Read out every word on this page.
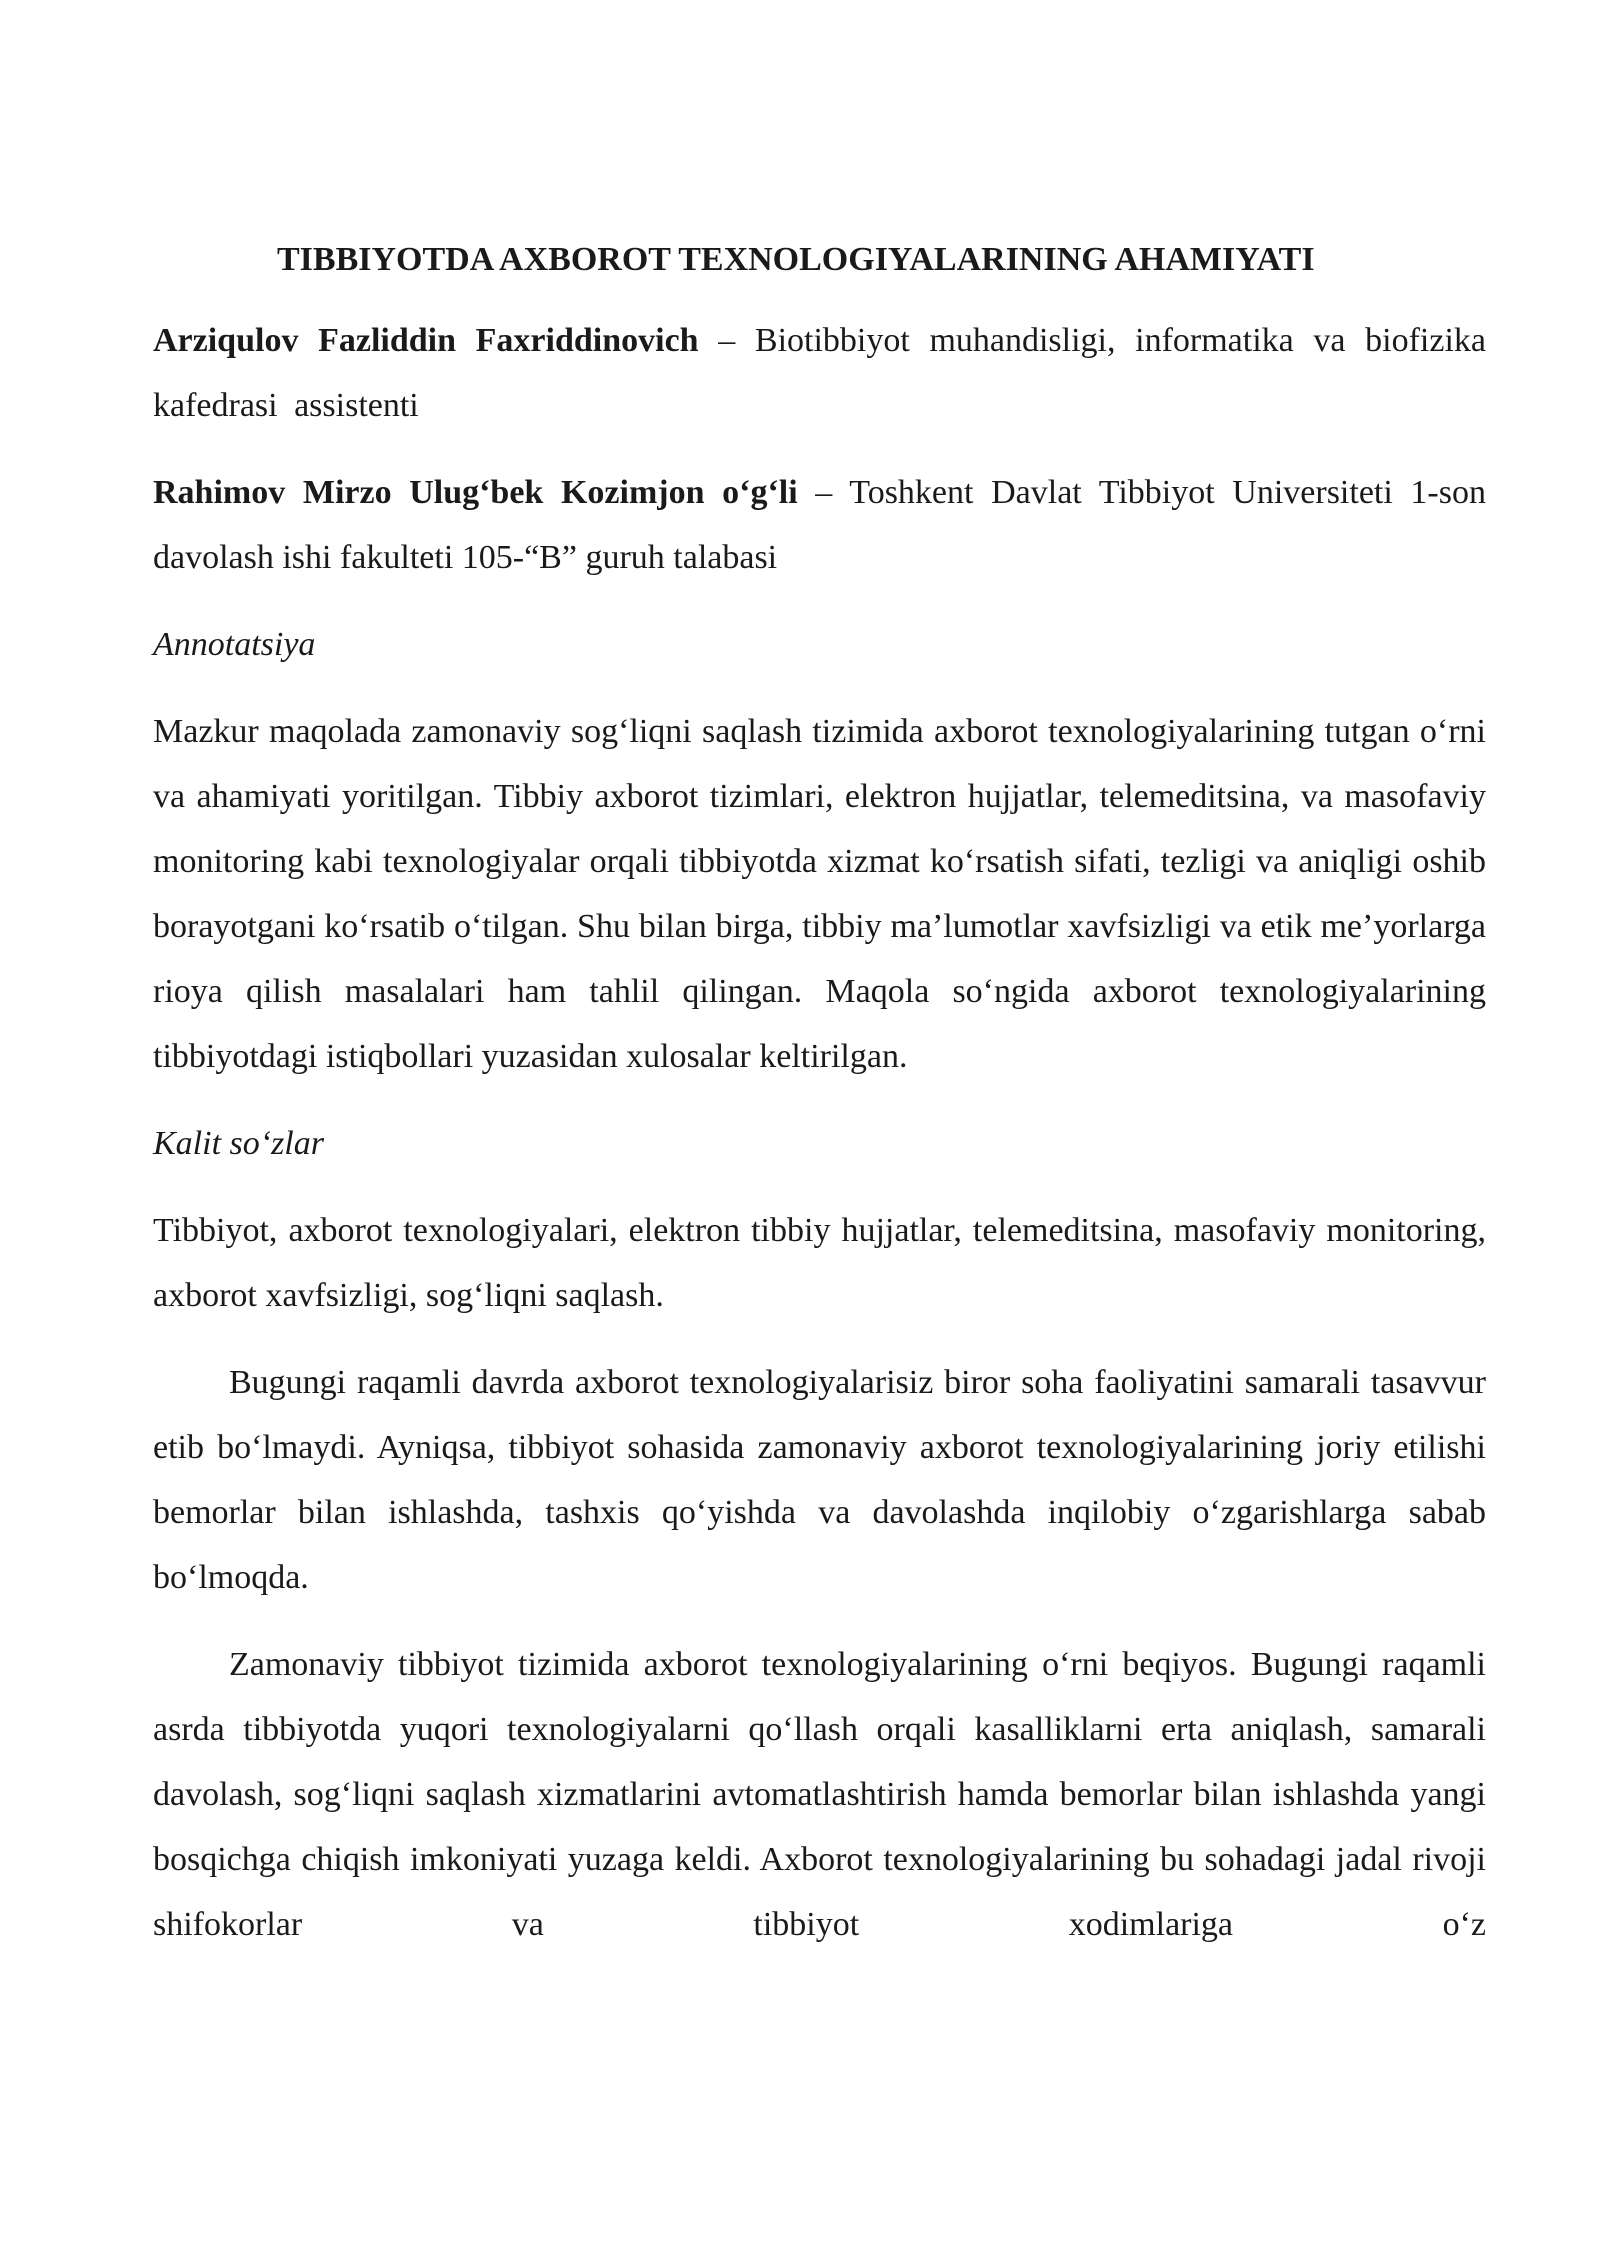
TIBBIYOTDA AXBOROT TEXNOLOGIYALARINING AHAMIYATI

Arziqulov Fazliddin Faxriddinovich – Biotibbiyot muhandisligi, informatika va biofizika kafedrasi assistenti

Rahimov Mirzo Ulug‘bek Kozimjon o‘g‘li – Toshkent Davlat Tibbiyot Universiteti 1-son davolash ishi fakulteti 105-“B” guruh talabasi

Annotatsiya

Mazkur maqolada zamonaviy sog‘liqni saqlash tizimida axborot texnologiyalarining tutgan o‘rni va ahamiyati yoritilgan. Tibbiy axborot tizimlari, elektron hujjatlar, telemeditsina, va masofaviy monitoring kabi texnologiyalar orqali tibbiyotda xizmat ko‘rsatish sifati, tezligi va aniqligi oshib borayotgani ko‘rsatib o‘tilgan. Shu bilan birga, tibbiy ma’lumotlar xavfsizligi va etik me’yorlarga rioya qilish masalalari ham tahlil qilingan. Maqola so‘ngida axborot texnologiyalarining tibbiyotdagi istiqbollari yuzasidan xulosalar keltirilgan.

Kalit so‘zlar

Tibbiyot, axborot texnologiyalari, elektron tibbiy hujjatlar, telemeditsina, masofaviy monitoring, axborot xavfsizligi, sog‘liqni saqlash.

Bugungi raqamli davrda axborot texnologiyalarisiz biror soha faoliyatini samarali tasavvur etib bo‘lmaydi. Ayniqsa, tibbiyot sohasida zamonaviy axborot texnologiyalarining joriy etilishi bemorlar bilan ishlashda, tashxis qo‘yishda va davolashda inqilobiy o‘zgarishlarga sabab bo‘lmoqda.

Zamonaviy tibbiyot tizimida axborot texnologiyalarining o‘rni beqiyos. Bugungi raqamli asrda tibbiyotda yuqori texnologiyalarni qo‘llash orqali kasalliklarni erta aniqlash, samarali davolash, sog‘liqni saqlash xizmatlarini avtomatlashtirish hamda bemorlar bilan ishlashda yangi bosqichga chiqish imkoniyati yuzaga keldi. Axborot texnologiyalarining bu sohadagi jadal rivoji shifokorlar va tibbiyot xodimlariga o‘z
